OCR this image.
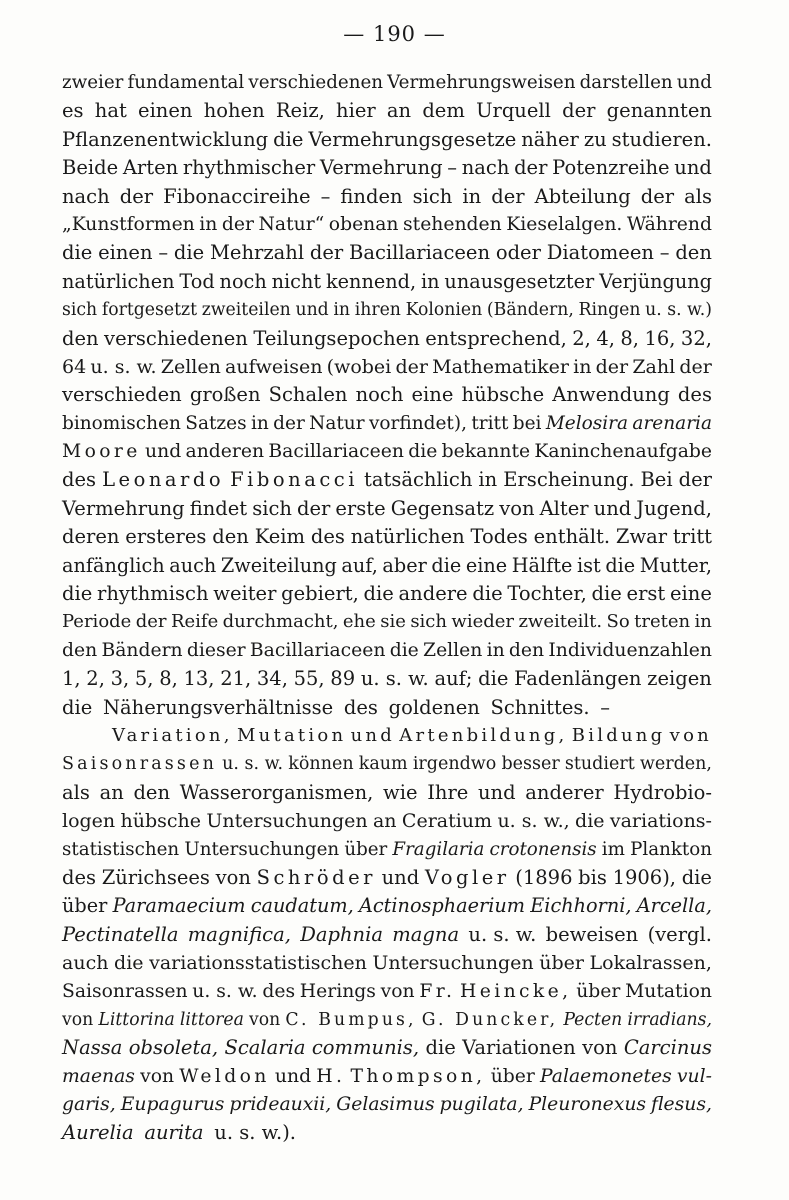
— 190 —
zweier fundamental verschiedenen Vermehrungsweisen darstellen und
es hat einen hohen Reiz, hier an dem Urquell der genannten
Pflanzenentwicklung die Vermehrungsgesetze näher zu studieren.
Beide Arten rhythmischer Vermehrung – nach der Potenzreihe und
nach der Fibonaccireihe – finden sich in der Abteilung der als
„Kunstformen in der Natur“ obenan stehenden Kieselalgen. Während
die einen – die Mehrzahl der Bacillariaceen oder Diatomeen – den
natürlichen Tod noch nicht kennend, in unausgesetzter Verjüngung
sich fortgesetzt zweiteilen und in ihren Kolonien (Bändern, Ringen u. s. w.)
den verschiedenen Teilungsepochen entsprechend, 2, 4, 8, 16, 32,
64 u. s. w. Zellen aufweisen (wobei der Mathematiker in der Zahl der
verschieden großen Schalen noch eine hübsche Anwendung des
binomischen Satzes in der Natur vorfindet), tritt bei Melosira arenaria
Moore und anderen Bacillariaceen die bekannte Kaninchenaufgabe
des Leonardo Fibonacci tatsächlich in Erscheinung. Bei der
Vermehrung findet sich der erste Gegensatz von Alter und Jugend,
deren ersteres den Keim des natürlichen Todes enthält. Zwar tritt
anfänglich auch Zweiteilung auf, aber die eine Hälfte ist die Mutter,
die rhythmisch weiter gebiert, die andere die Tochter, die erst eine
Periode der Reife durchmacht, ehe sie sich wieder zweiteilt. So treten in
den Bändern dieser Bacillariaceen die Zellen in den Individuenzahlen
1, 2, 3, 5, 8, 13, 21, 34, 55, 89 u. s. w. auf; die Fadenlängen zeigen
die Näherungsverhältnisse des goldenen Schnittes. –
Variation, Mutation und Artenbildung, Bildung von
Saisonrassen u. s. w. können kaum irgendwo besser studiert werden,
als an den Wasserorganismen, wie Ihre und anderer Hydrobio-
logen hübsche Untersuchungen an Ceratium u. s. w., die variations-
statistischen Untersuchungen über Fragilaria crotonensis im Plankton
des Zürichsees von Schröder und Vogler (1896 bis 1906), die
über Paramaecium caudatum, Actinosphaerium Eichhorni, Arcella,
Pectinatella magnifica, Daphnia magna u. s. w. beweisen (vergl.
auch die variationsstatistischen Untersuchungen über Lokalrassen,
Saisonrassen u. s. w. des Herings von Fr. Heincke, über Mutation
von Littorina littorea von C. Bumpus, G. Duncker, Pecten irradians,
Nassa obsoleta, Scalaria communis, die Variationen von Carcinus
maenas von Weldon und H. Thompson, über Palaemonetes vul-
garis, Eupagurus prideauxii, Gelasimus pugilata, Pleuronexus flesus,
Aurelia aurita u. s. w.).
